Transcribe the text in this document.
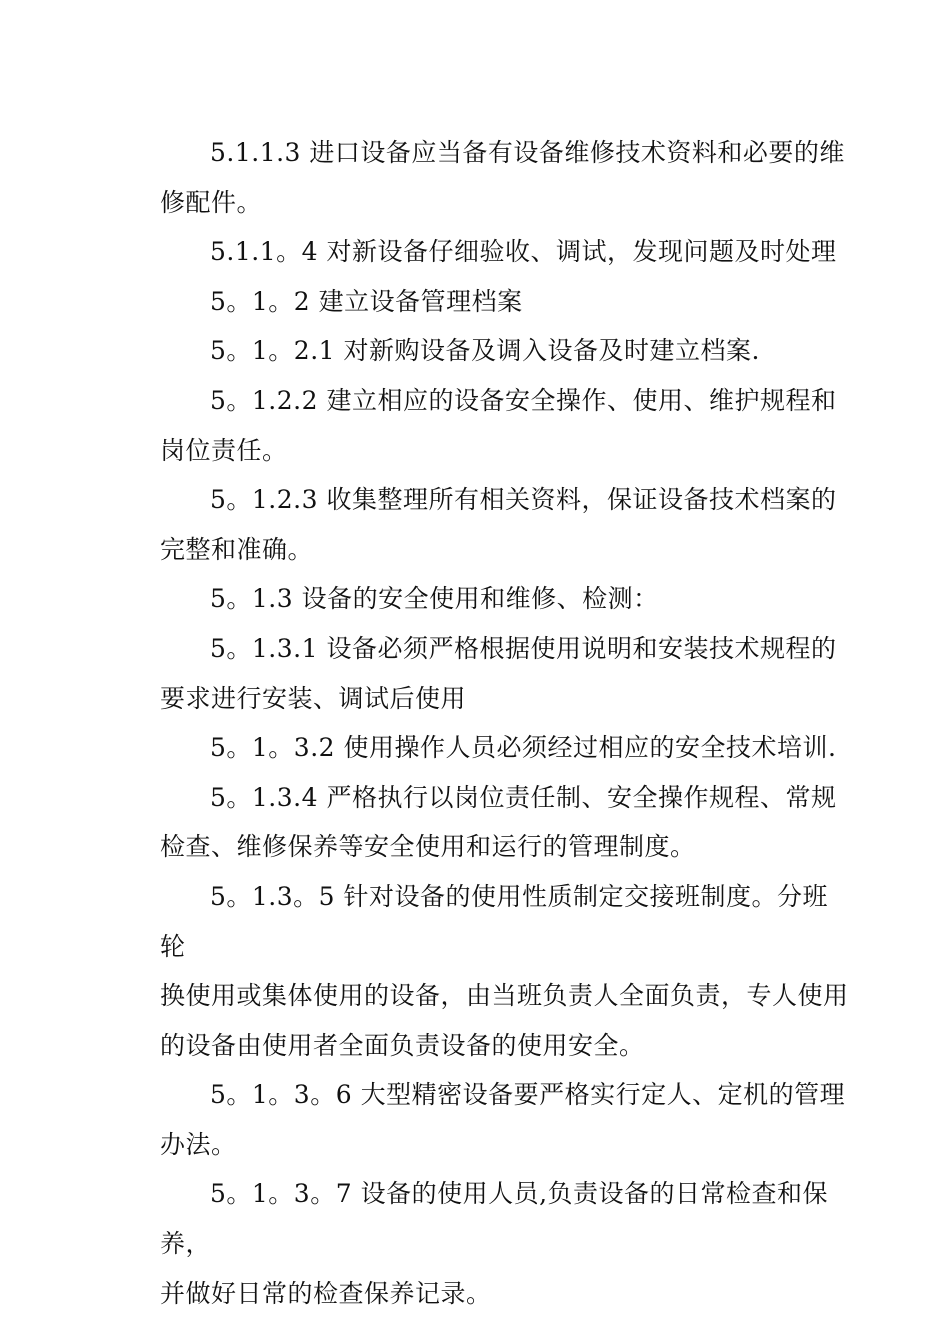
5.1.1.3 进口设备应当备有设备维修技术资料和必要的维
修配件。

5.1.1。4 对新设备仔细验收、调试，发现问题及时处理

5。1。2 建立设备管理档案

5。1。2.1 对新购设备及调入设备及时建立档案.

5。1.2.2 建立相应的设备安全操作、使用、维护规程和
岗位责任。

5。1.2.3 收集整理所有相关资料，保证设备技术档案的
完整和准确。

5。1.3 设备的安全使用和维修、检测：

5。1.3.1 设备必须严格根据使用说明和安装技术规程的
要求进行安装、调试后使用

5。1。3.2 使用操作人员必须经过相应的安全技术培训.

5。1.3.4 严格执行以岗位责任制、安全操作规程、常规
检查、维修保养等安全使用和运行的管理制度。

5。1.3。5 针对设备的使用性质制定交接班制度。分班轮
换使用或集体使用的设备，由当班负责人全面负责，专人使用
的设备由使用者全面负责设备的使用安全。

5。1。3。6 大型精密设备要严格实行定人、定机的管理
办法。

5。1。3。7 设备的使用人员,负责设备的日常检查和保养，
并做好日常的检查保养记录。
